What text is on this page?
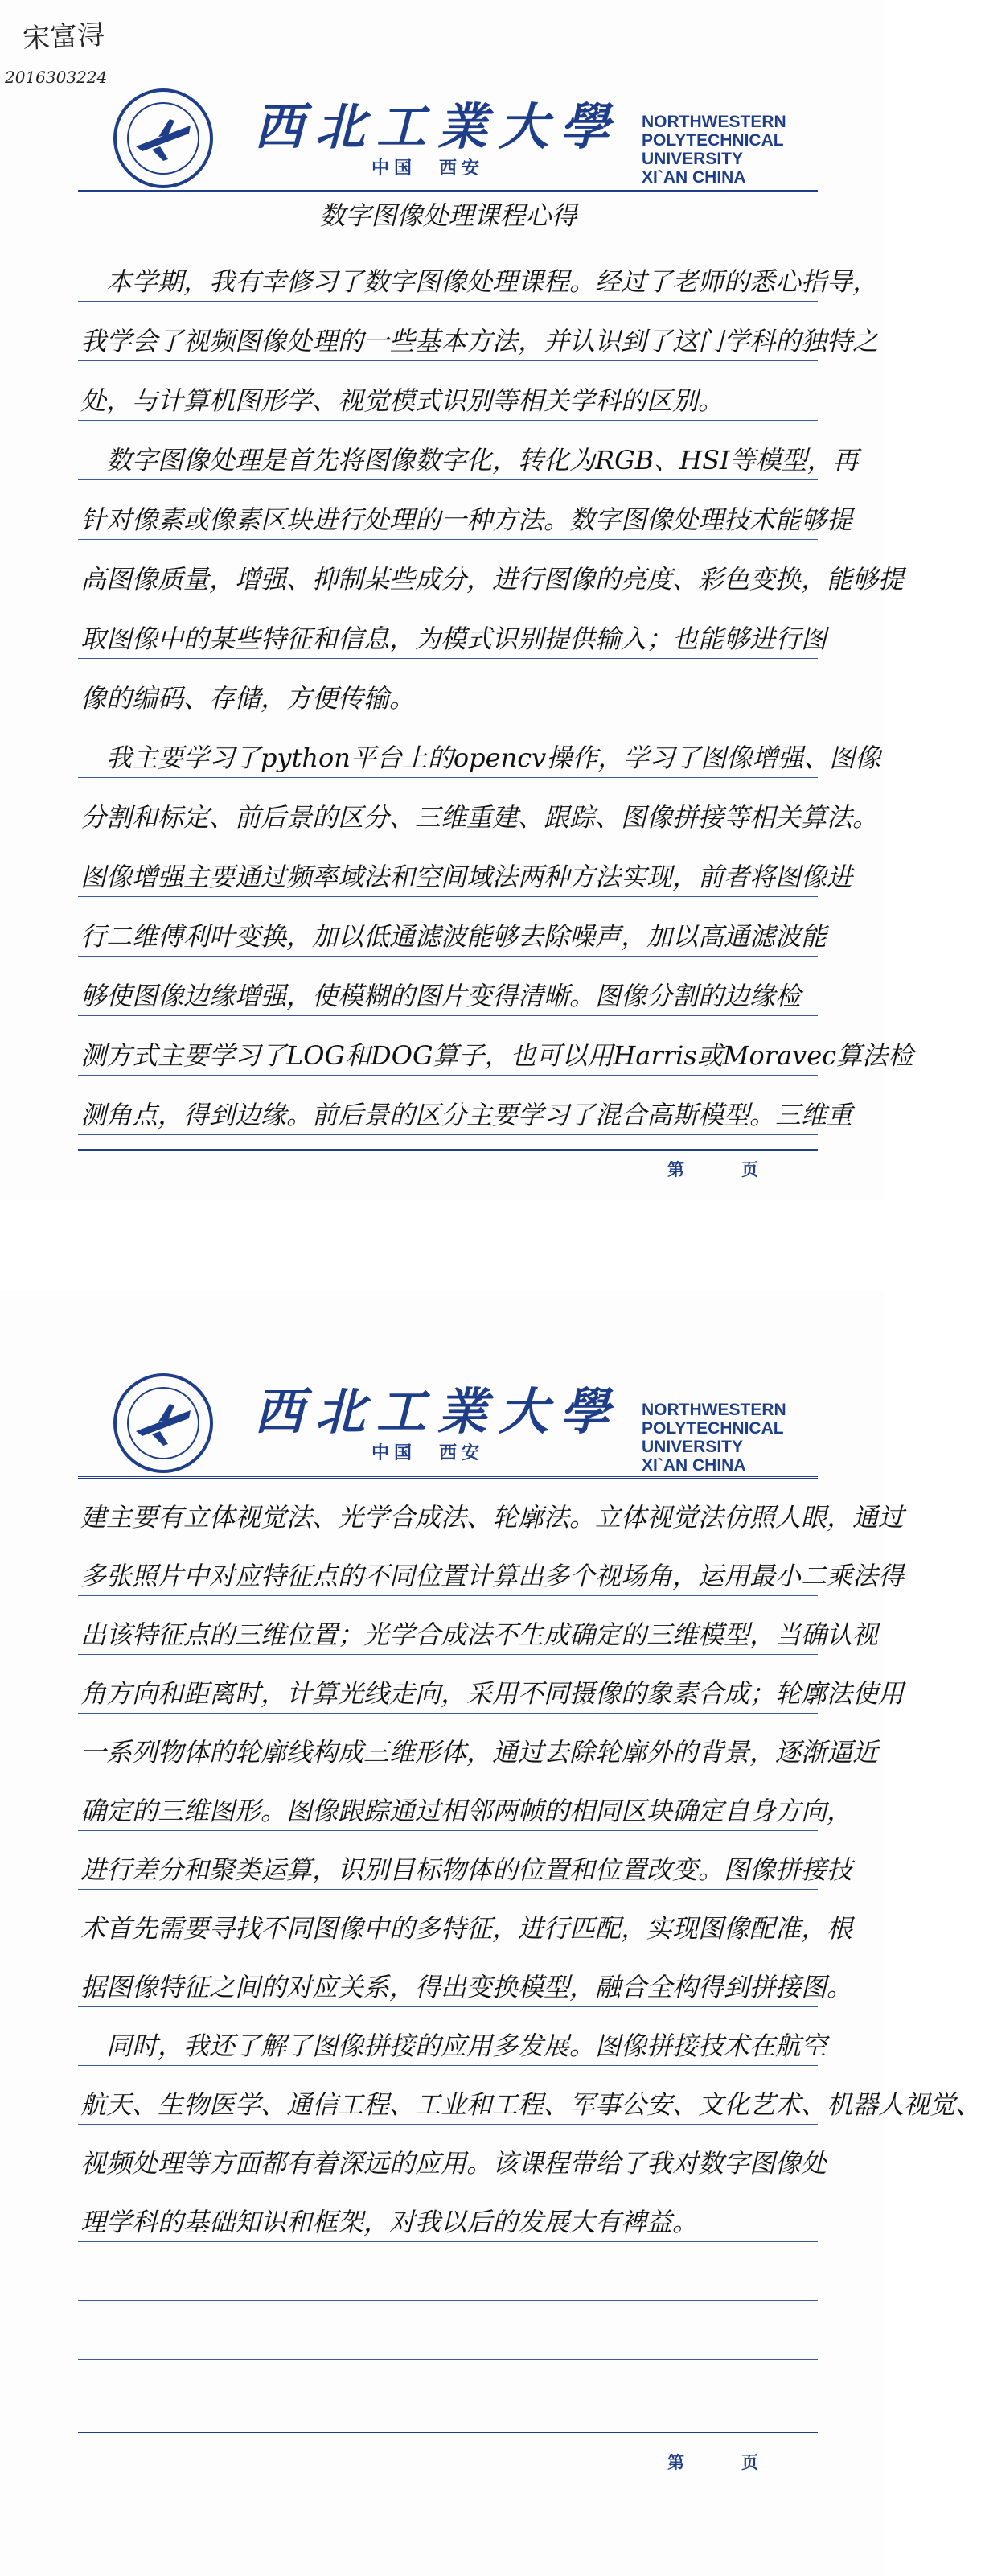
宋富浔
2016303224
西北工業大學
中国　西安
NORTHWESTERN
POLYTECHNICAL
UNIVERSITY
XI`AN CHINA
数字图像处理课程心得
　本学期，我有幸修习了数字图像处理课程。经过了老师的悉心指导，
我学会了视频图像处理的一些基本方法，并认识到了这门学科的独特之
处，与计算机图形学、视觉模式识别等相关学科的区别。
　数字图像处理是首先将图像数字化，转化为RGB、HSI等模型，再
针对像素或像素区块进行处理的一种方法。数字图像处理技术能够提
高图像质量，增强、抑制某些成分，进行图像的亮度、彩色变换，能够提
取图像中的某些特征和信息，为模式识别提供输入；也能够进行图
像的编码、存储，方便传输。
　我主要学习了python平台上的opencv操作，学习了图像增强、图像
分割和标定、前后景的区分、三维重建、跟踪、图像拼接等相关算法。
图像增强主要通过频率域法和空间域法两种方法实现，前者将图像进
行二维傅利叶变换，加以低通滤波能够去除噪声，加以高通滤波能
够使图像边缘增强，使模糊的图片变得清晰。图像分割的边缘检
测方式主要学习了LOG和DOG算子，也可以用Harris或Moravec算法检
测角点，得到边缘。前后景的区分主要学习了混合高斯模型。三维重
第	页
西北工業大學
中国　西安
NORTHWESTERN
POLYTECHNICAL
UNIVERSITY
XI`AN CHINA
建主要有立体视觉法、光学合成法、轮廓法。立体视觉法仿照人眼，通过
多张照片中对应特征点的不同位置计算出多个视场角，运用最小二乘法得
出该特征点的三维位置；光学合成法不生成确定的三维模型，当确认视
角方向和距离时，计算光线走向，采用不同摄像的象素合成；轮廓法使用
一系列物体的轮廓线构成三维形体，通过去除轮廓外的背景，逐渐逼近
确定的三维图形。图像跟踪通过相邻两帧的相同区块确定自身方向，
进行差分和聚类运算，识别目标物体的位置和位置改变。图像拼接技
术首先需要寻找不同图像中的多特征，进行匹配，实现图像配准，根
据图像特征之间的对应关系，得出变换模型，融合全构得到拼接图。
　同时，我还了解了图像拼接的应用多发展。图像拼接技术在航空
航天、生物医学、通信工程、工业和工程、军事公安、文化艺术、机器人视觉、
视频处理等方面都有着深远的应用。该课程带给了我对数字图像处
理学科的基础知识和框架，对我以后的发展大有裨益。
第	页
